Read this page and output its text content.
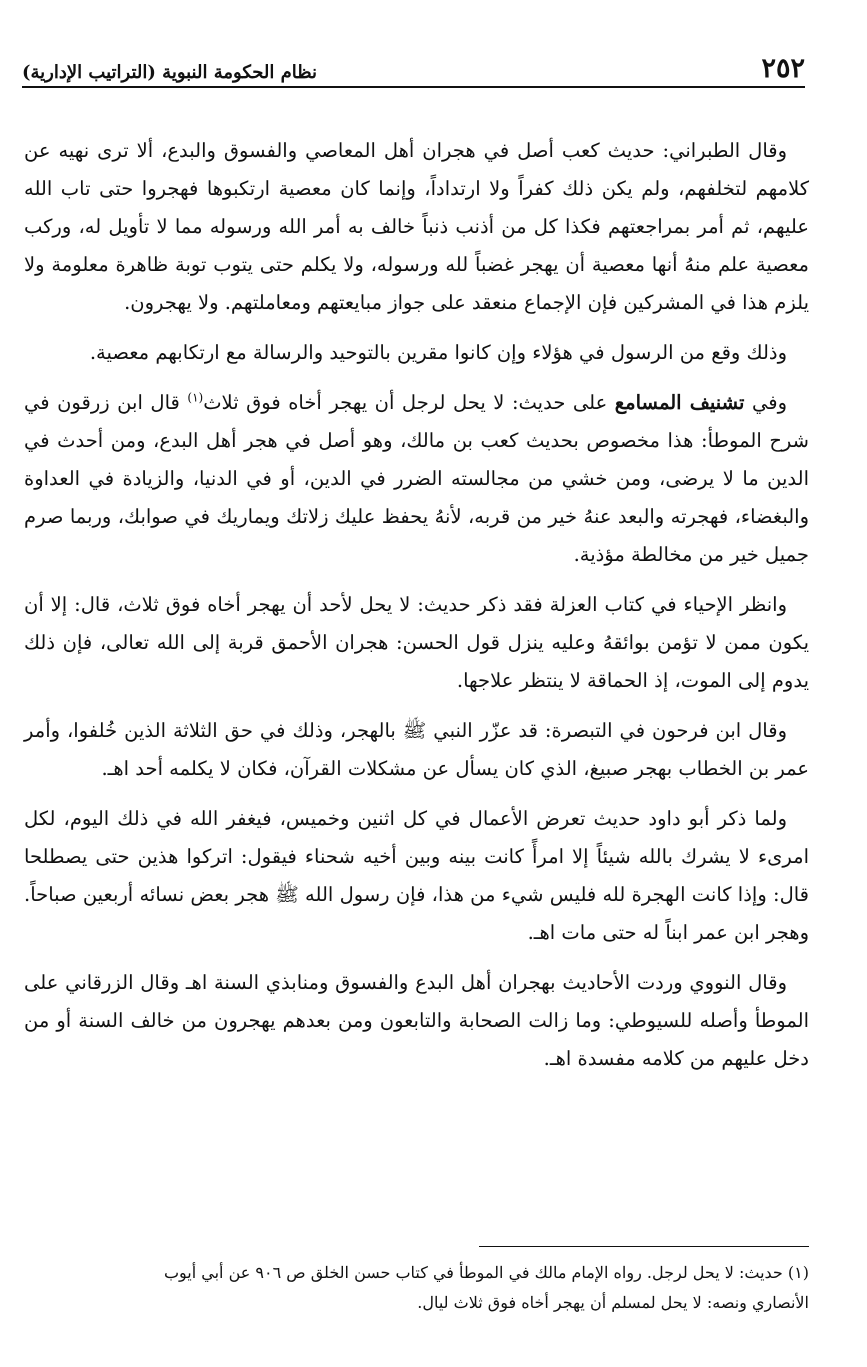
٢٥٢
نظام الحكومة النبوية (التراتيب الإدارية)

وقال الطبراني: حديث كعب أصل في هجران أهل المعاصي والفسوق والبدع، ألا ترى نهيه عن كلامهم لتخلفهم، ولم يكن ذلك كفراً ولا ارتداداً، وإنما كان معصية ارتكبوها فهجروا حتى تاب الله عليهم، ثم أمر بمراجعتهم فكذا كل من أذنب ذنباً خالف به أمر الله ورسوله مما لا تأويل له، وركب معصية علم منهُ أنها معصية أن يهجر غضباً لله ورسوله، ولا يكلم حتى يتوب توبة ظاهرة معلومة ولا يلزم هذا في المشركين فإن الإجماع منعقد على جواز مبايعتهم ومعاملتهم. ولا يهجرون.

وذلك وقع من الرسول في هؤلاء وإن كانوا مقرين بالتوحيد والرسالة مع ارتكابهم معصية.

وفي تشنيف المسامع على حديث: لا يحل لرجل أن يهجر أخاه فوق ثلاث$^{(١)}$ قال ابن زرقون في شرح الموطأ: هذا مخصوص بحديث كعب بن مالك، وهو أصل في هجر أهل البدع، ومن أحدث في الدين ما لا يرضى، ومن خشي من مجالسته الضرر في الدين، أو في الدنيا، والزيادة في العداوة والبغضاء، فهجرته والبعد عنهُ خير من قربه، لأنهُ يحفظ عليك زلاتك ويماريك في صوابك، وربما صرم جميل خير من مخالطة مؤذية.

وانظر الإحياء في كتاب العزلة فقد ذكر حديث: لا يحل لأحد أن يهجر أخاه فوق ثلاث، قال: إلا أن يكون ممن لا تؤمن بوائقهُ وعليه ينزل قول الحسن: هجران الأحمق قربة إلى الله تعالى، فإن ذلك يدوم إلى الموت، إذ الحماقة لا ينتظر علاجها.

وقال ابن فرحون في التبصرة: قد عزّر النبي ﷺ بالهجر، وذلك في حق الثلاثة الذين خُلفوا، وأمر عمر بن الخطاب بهجر صبيغ، الذي كان يسأل عن مشكلات القرآن، فكان لا يكلمه أحد اهـ.

ولما ذكر أبو داود حديث تعرض الأعمال في كل اثنين وخميس، فيغفر الله في ذلك اليوم، لكل امرىء لا يشرك بالله شيئاً إلا امرأً كانت بينه وبين أخيه شحناء فيقول: اتركوا هذين حتى يصطلحا قال: وإذا كانت الهجرة لله فليس شيء من هذا، فإن رسول الله ﷺ هجر بعض نسائه أربعين صباحاً. وهجر ابن عمر ابناً له حتى مات اهـ.

وقال النووي وردت الأحاديث بهجران أهل البدع والفسوق ومنابذي السنة اهـ وقال الزرقاني على الموطأ وأصله للسيوطي: وما زالت الصحابة والتابعون ومن بعدهم يهجرون من خالف السنة أو من دخل عليهم من كلامه مفسدة اهـ.

(١) حديث: لا يحل لرجل. رواه الإمام مالك في الموطأ في كتاب حسن الخلق ص ٩٠٦ عن أبي أيوب

الأنصاري ونصه: لا يحل لمسلم أن يهجر أخاه فوق ثلاث ليال.
